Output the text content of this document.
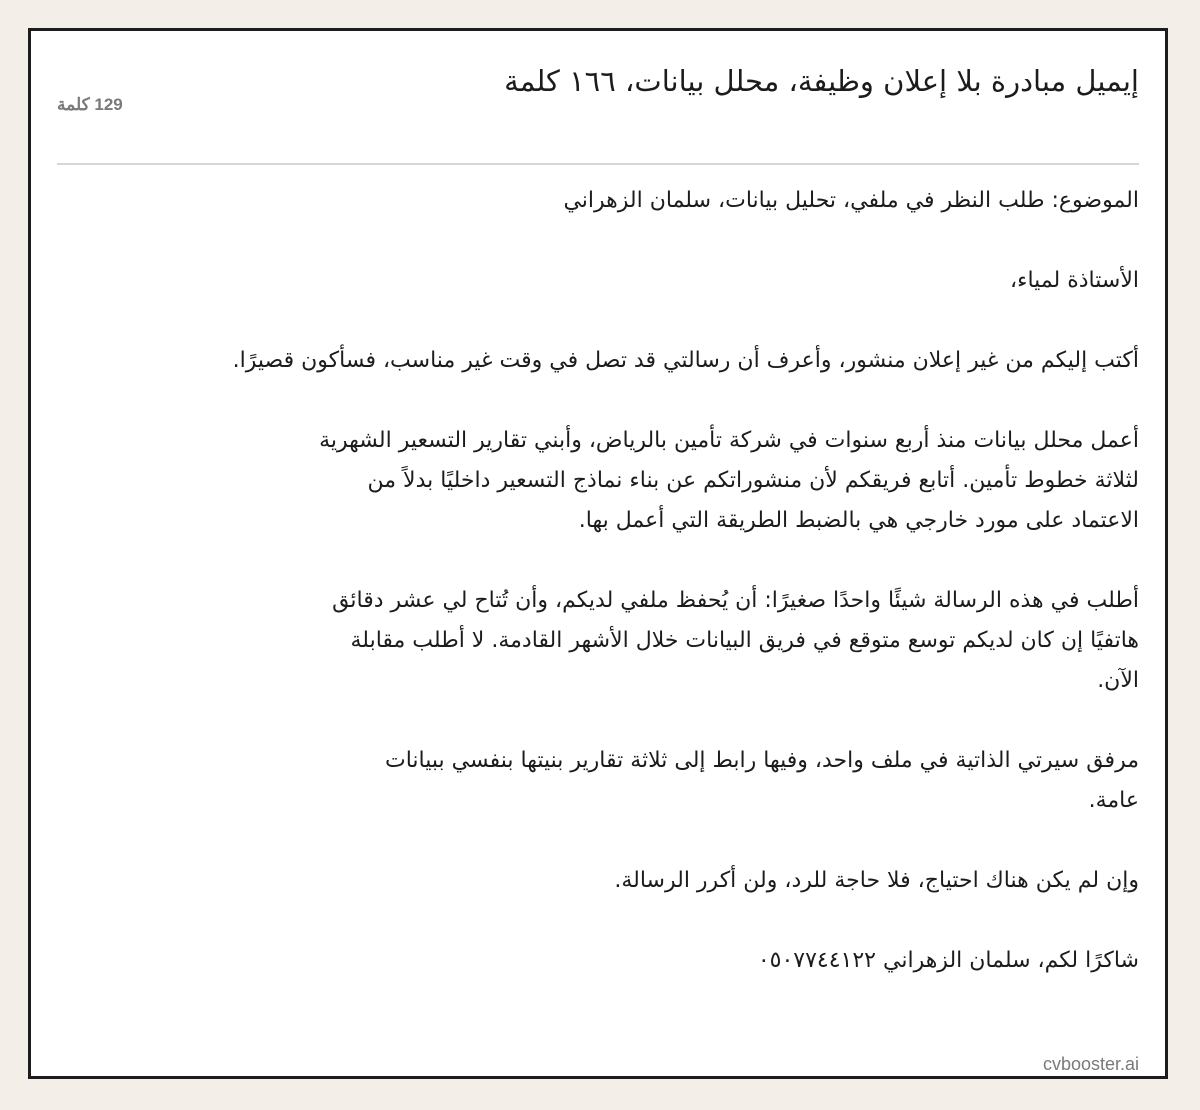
إيميل مبادرة بلا إعلان وظيفة، محلل بيانات، ١٦٦ كلمة
129 كلمة

الموضوع: طلب النظر في ملفي، تحليل بيانات، سلمان الزهراني

الأستاذة لمياء،

أكتب إليكم من غير إعلان منشور، وأعرف أن رسالتي قد تصل في وقت غير مناسب، فسأكون قصيرًا.

أعمل محلل بيانات منذ أربع سنوات في شركة تأمين بالرياض، وأبني تقارير التسعير الشهرية لثلاثة خطوط تأمين. أتابع فريقكم لأن منشوراتكم عن بناء نماذج التسعير داخليًا بدلاً من الاعتماد على مورد خارجي هي بالضبط الطريقة التي أعمل بها.

أطلب في هذه الرسالة شيئًا واحدًا صغيرًا: أن يُحفظ ملفي لديكم، وأن تُتاح لي عشر دقائق هاتفيًا إن كان لديكم توسع متوقع في فريق البيانات خلال الأشهر القادمة. لا أطلب مقابلة الآن.

مرفق سيرتي الذاتية في ملف واحد، وفيها رابط إلى ثلاثة تقارير بنيتها بنفسي ببيانات عامة.

وإن لم يكن هناك احتياج، فلا حاجة للرد، ولن أكرر الرسالة.

شاكرًا لكم، سلمان الزهراني ٠٥٠٧٧٤٤١٢٢

cvbooster.ai
